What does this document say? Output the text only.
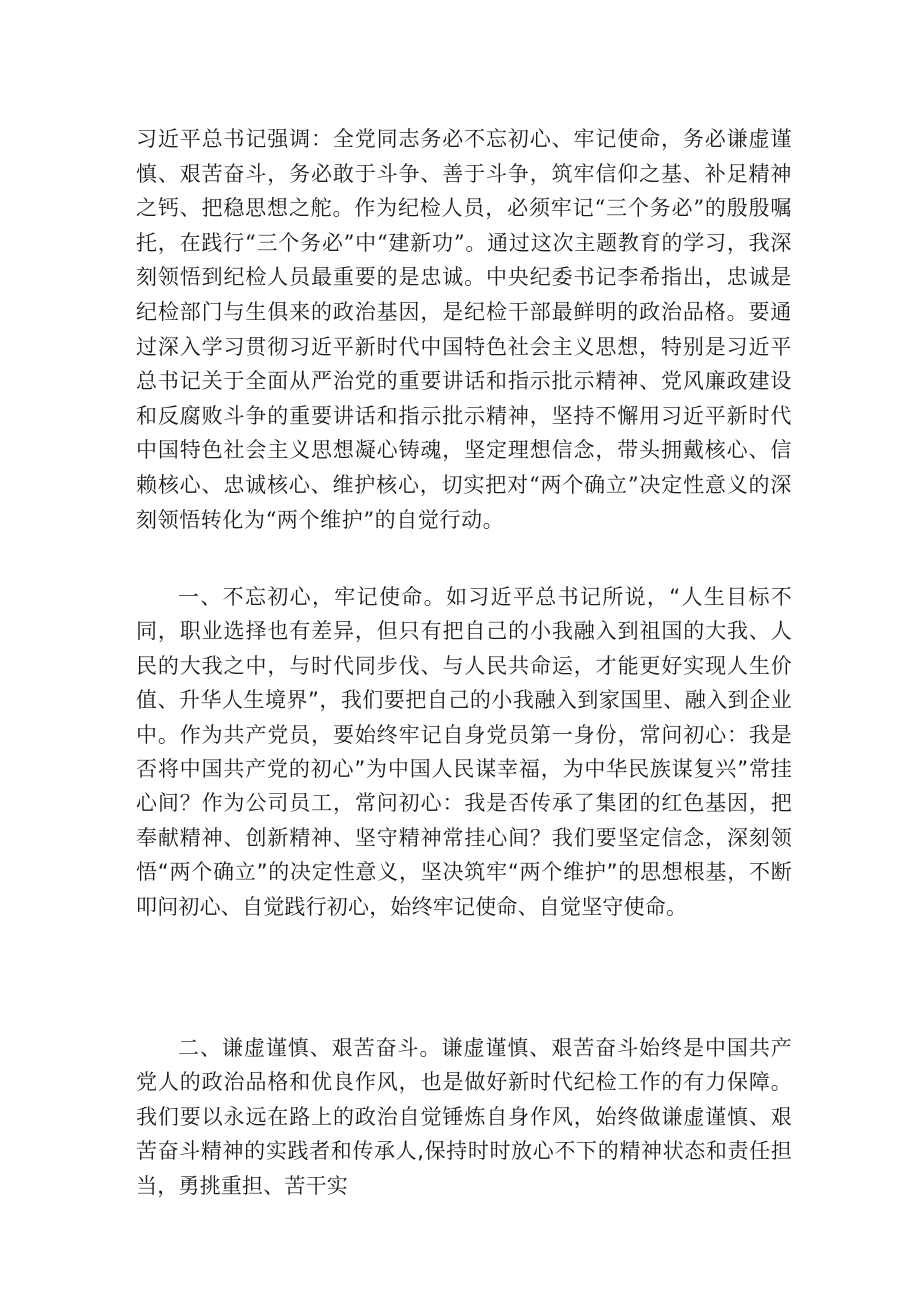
习近平总书记强调：全党同志务必不忘初心、牢记使命，务必谦虚谨慎、艰苦奋斗，务必敢于斗争、善于斗争，筑牢信仰之基、补足精神之钙、把稳思想之舵。作为纪检人员，必须牢记“三个务必”的殷殷嘱托，在践行“三个务必”中“建新功”。通过这次主题教育的学习，我深刻领悟到纪检人员最重要的是忠诚。中央纪委书记李希指出，忠诚是纪检部门与生俱来的政治基因，是纪检干部最鲜明的政治品格。要通过深入学习贯彻习近平新时代中国特色社会主义思想，特别是习近平总书记关于全面从严治党的重要讲话和指示批示精神、党风廉政建设和反腐败斗争的重要讲话和指示批示精神，坚持不懈用习近平新时代中国特色社会主义思想凝心铸魂，坚定理想信念，带头拥戴核心、信赖核心、忠诚核心、维护核心，切实把对“两个确立”决定性意义的深刻领悟转化为“两个维护”的自觉行动。

一、不忘初心，牢记使命。如习近平总书记所说，“人生目标不同，职业选择也有差异，但只有把自己的小我融入到祖国的大我、人民的大我之中，与时代同步伐、与人民共命运，才能更好实现人生价值、升华人生境界”，我们要把自己的小我融入到家国里、融入到企业中。作为共产党员，要始终牢记自身党员第一身份，常问初心：我是否将中国共产党的初心”为中国人民谋幸福，为中华民族谋复兴”常挂心间？作为公司员工，常问初心：我是否传承了集团的红色基因，把奉献精神、创新精神、坚守精神常挂心间？我们要坚定信念，深刻领悟“两个确立”的决定性意义，坚决筑牢“两个维护”的思想根基，不断叩问初心、自觉践行初心，始终牢记使命、自觉坚守使命。

二、谦虚谨慎、艰苦奋斗。谦虚谨慎、艰苦奋斗始终是中国共产党人的政治品格和优良作风，也是做好新时代纪检工作的有力保障。我们要以永远在路上的政治自觉锤炼自身作风，始终做谦虚谨慎、艰苦奋斗精神的实践者和传承人,保持时时放心不下的精神状态和责任担当，勇挑重担、苦干实
